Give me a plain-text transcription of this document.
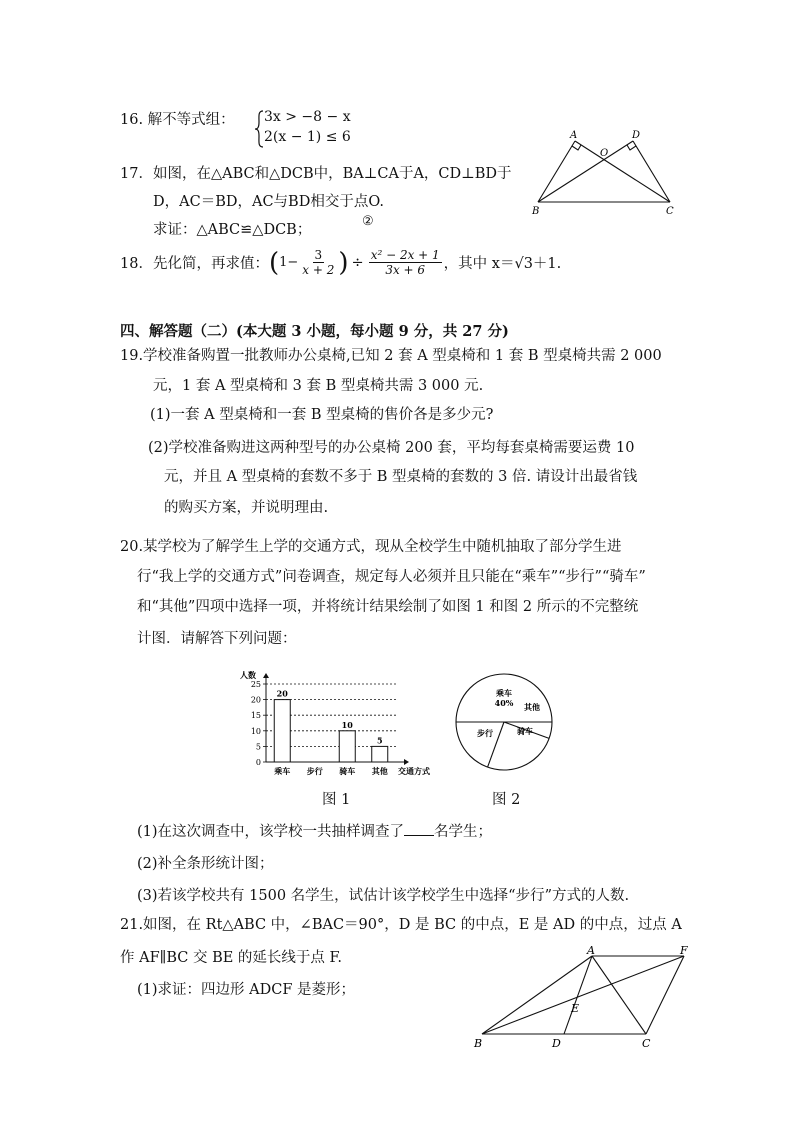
16. 解不等式组： 3x > −8 − x
2(x − 1) ≤ 6
17．如图，在△ABC和△DCB中，BA⊥CA于A，CD⊥BD于
D，AC＝BD，AC与BD相交于点O.
求证：△ABC≌△DCB；
②
A	D
O
B	C
18．先化简，再求值： ( $1- \frac{3}{x + 2}$ ) ÷ $\frac{\text{x² − 2x + 1}}{3x + 6}$ ，其中 x＝√3＋1.
四、解答题（二）(本大题 3 小题，每小题 9 分，共 27 分)
19.学校准备购置一批教师办公桌椅,已知 2 套 A 型桌椅和 1 套 B 型桌椅共需 2 000
元，1 套 A 型桌椅和 3 套 B 型桌椅共需 3 000 元.
(1)一套 A 型桌椅和一套 B 型桌椅的售价各是多少元?
(2)学校准备购进这两种型号的办公桌椅 200 套，平均每套桌椅需要运费 10
元，并且 A 型桌椅的套数不多于 B 型桌椅的套数的 3 倍. 请设计出最省钱
的购买方案，并说明理由.
20.某学校为了解学生上学的交通方式，现从全校学生中随机抽取了部分学生进
行“我上学的交通方式”问卷调查，规定每人必须并且只能在“乘车”“步行”“骑车”
和“其他”四项中选择一项，并将统计结果绘制了如图 1 和图 2 所示的不完整统
计图．请解答下列问题：
人数
0
5
10
15
20
25
20
乘车 步行
10
骑车
5
其他 交通方式
图 1
乘车
40% 其他
骑车
步行
图 2
(1)在这次调查中，该学校一共抽样调查了 名学生；
(2)补全条形统计图；
(3)若该学校共有 1500 名学生，试估计该学校学生中选择“步行”方式的人数.
21.如图，在 Rt△ABC 中，∠BAC＝90°，D 是 BC 的中点，E 是 AD 的中点，过点 A
作 AF∥BC 交 BE 的延长线于点 F.
(1)求证：四边形 ADCF 是菱形；
A	F
E
B	D	C
